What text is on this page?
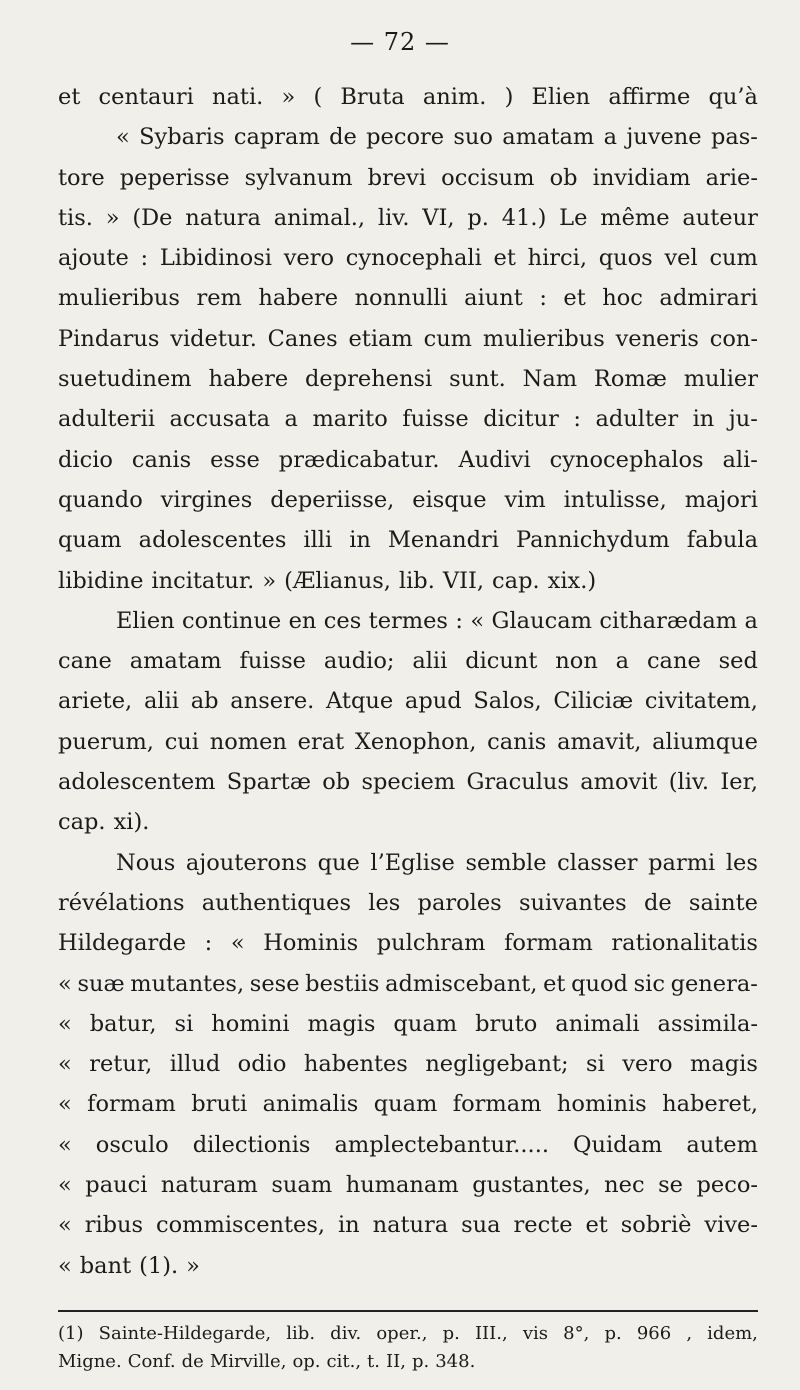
— 72 —
et centauri nati. » ( Bruta anim. ) Elien affirme qu’à
« Sybaris capram de pecore suo amatam a juvene pas-
tore peperisse sylvanum brevi occisum ob invidiam arie-
tis. » (De natura animal., liv. VI, p. 41.) Le même auteur
ajoute : Libidinosi vero cynocephali et hirci, quos vel cum
mulieribus rem habere nonnulli aiunt : et hoc admirari
Pindarus videtur. Canes etiam cum mulieribus veneris con-
suetudinem habere deprehensi sunt. Nam Romæ mulier
adulterii accusata a marito fuisse dicitur : adulter in ju-
dicio canis esse prædicabatur. Audivi cynocephalos ali-
quando virgines deperiisse, eisque vim intulisse, majori
quam adolescentes illi in Menandri Pannichydum fabula
libidine incitatur. » (Ælianus, lib. VII, cap. xix.)
Elien continue en ces termes : « Glaucam citharædam a
cane amatam fuisse audio; alii dicunt non a cane sed
ariete, alii ab ansere. Atque apud Salos, Ciliciæ civitatem,
puerum, cui nomen erat Xenophon, canis amavit, aliumque
adolescentem Spartæ ob speciem Graculus amovit (liv. Ier,
cap. xi).
Nous ajouterons que l’Eglise semble classer parmi les
révélations authentiques les paroles suivantes de sainte
Hildegarde : « Hominis pulchram formam rationalitatis
« suæ mutantes, sese bestiis admiscebant, et quod sic genera-
« batur, si homini magis quam bruto animali assimila-
« retur, illud odio habentes negligebant; si vero magis
« formam bruti animalis quam formam hominis haberet,
« osculo dilectionis amplectebantur..... Quidam autem
« pauci naturam suam humanam gustantes, nec se peco-
« ribus commiscentes, in natura sua recte et sobriè vive-
« bant (1). »
(1) Sainte-Hildegarde, lib. div. oper., p. III., vis 8°, p. 966 , idem,
Migne. Conf. de Mirville, op. cit., t. II, p. 348.
